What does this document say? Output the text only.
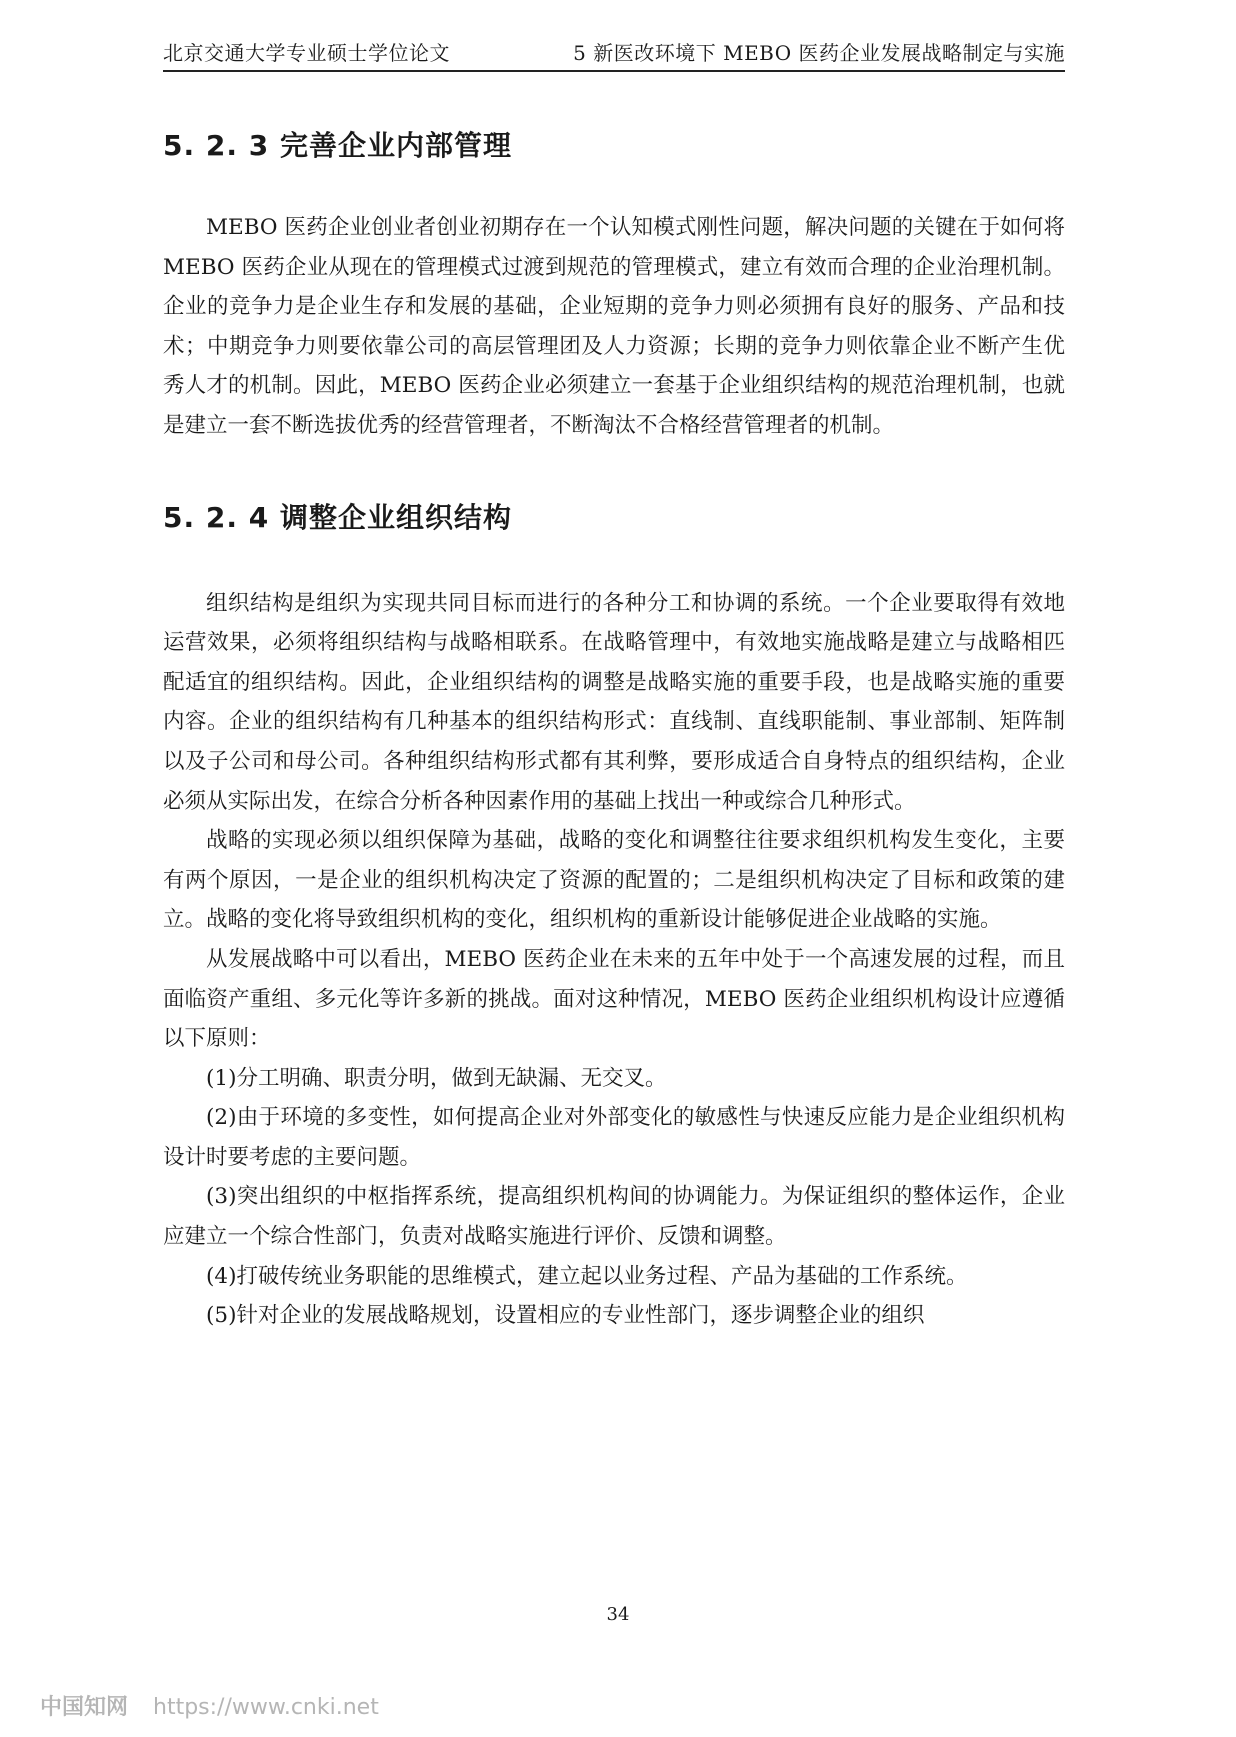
北京交通大学专业硕士学位论文	5 新医改环境下 MEBO 医药企业发展战略制定与实施
5. 2. 3 完善企业内部管理

MEBO 医药企业创业者创业初期存在一个认知模式刚性问题，解决问题的关键在于如何将 MEBO 医药企业从现在的管理模式过渡到规范的管理模式，建立有效而合理的企业治理机制。企业的竞争力是企业生存和发展的基础，企业短期的竞争力则必须拥有良好的服务、产品和技术；中期竞争力则要依靠公司的高层管理团及人力资源；长期的竞争力则依靠企业不断产生优秀人才的机制。因此，MEBO 医药企业必须建立一套基于企业组织结构的规范治理机制，也就是建立一套不断选拔优秀的经营管理者，不断淘汰不合格经营管理者的机制。

5. 2. 4 调整企业组织结构

组织结构是组织为实现共同目标而进行的各种分工和协调的系统。一个企业要取得有效地运营效果，必须将组织结构与战略相联系。在战略管理中，有效地实施战略是建立与战略相匹配适宜的组织结构。因此，企业组织结构的调整是战略实施的重要手段，也是战略实施的重要内容。企业的组织结构有几种基本的组织结构形式：直线制、直线职能制、事业部制、矩阵制以及子公司和母公司。各种组织结构形式都有其利弊，要形成适合自身特点的组织结构，企业必须从实际出发，在综合分析各种因素作用的基础上找出一种或综合几种形式。

战略的实现必须以组织保障为基础，战略的变化和调整往往要求组织机构发生变化，主要有两个原因，一是企业的组织机构决定了资源的配置的；二是组织机构决定了目标和政策的建立。战略的变化将导致组织机构的变化，组织机构的重新设计能够促进企业战略的实施。

从发展战略中可以看出，MEBO 医药企业在未来的五年中处于一个高速发展的过程，而且面临资产重组、多元化等许多新的挑战。面对这种情况，MEBO 医药企业组织机构设计应遵循以下原则：

(1)分工明确、职责分明，做到无缺漏、无交叉。

(2)由于环境的多变性，如何提高企业对外部变化的敏感性与快速反应能力是企业组织机构设计时要考虑的主要问题。

(3)突出组织的中枢指挥系统，提高组织机构间的协调能力。为保证组织的整体运作，企业应建立一个综合性部门，负责对战略实施进行评价、反馈和调整。

(4)打破传统业务职能的思维模式，建立起以业务过程、产品为基础的工作系统。

(5)针对企业的发展战略规划，设置相应的专业性部门，逐步调整企业的组织

34
中国知网 https://www.cnki.net
